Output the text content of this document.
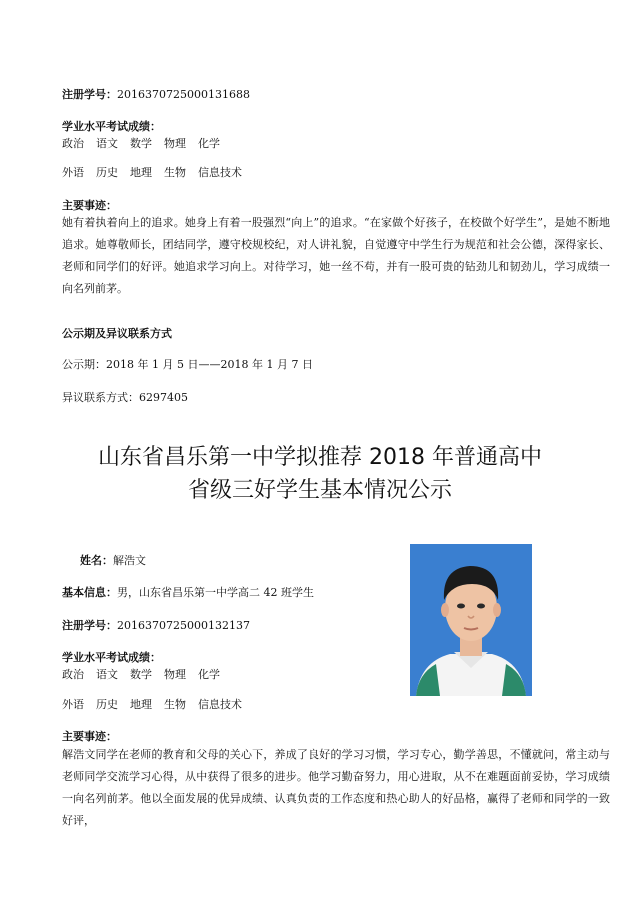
注册学号：2016370725000131688
学业水平考试成绩：
政治 语文 数学 物理 化学
外语 历史 地理 生物 信息技术
主要事迹：
她有着执着向上的追求。她身上有着一股强烈“向上”的追求。“在家做个好孩子，在校做个好学生”，是她不断地追求。她尊敬师长，团结同学，遵守校规校纪，对人讲礼貌，自觉遵守中学生行为规范和社会公德，深得家长、老师和同学们的好评。她追求学习向上。对待学习，她一丝不苟，并有一股可贵的钻劲儿和韧劲儿，学习成绩一向名列前茅。
公示期及异议联系方式
公示期：2018 年 1 月 5 日——2018 年 1 月 7 日
异议联系方式：6297405
山东省昌乐第一中学拟推荐 2018 年普通高中
省级三好学生基本情况公示
姓名：解浩文
基本信息：男，山东省昌乐第一中学高二 42 班学生
注册学号：2016370725000132137
学业水平考试成绩：
政治 语文 数学 物理 化学
外语 历史 地理 生物 信息技术
主要事迹：
解浩文同学在老师的教育和父母的关心下，养成了良好的学习习惯，学习专心，勤学善思，不懂就问，常主动与老师同学交流学习心得，从中获得了很多的进步。他学习勤奋努力，用心进取，从不在难题面前妥协，学习成绩一向名列前茅。他以全面发展的优异成绩、认真负责的工作态度和热心助人的好品格，赢得了老师和同学的一致好评，
